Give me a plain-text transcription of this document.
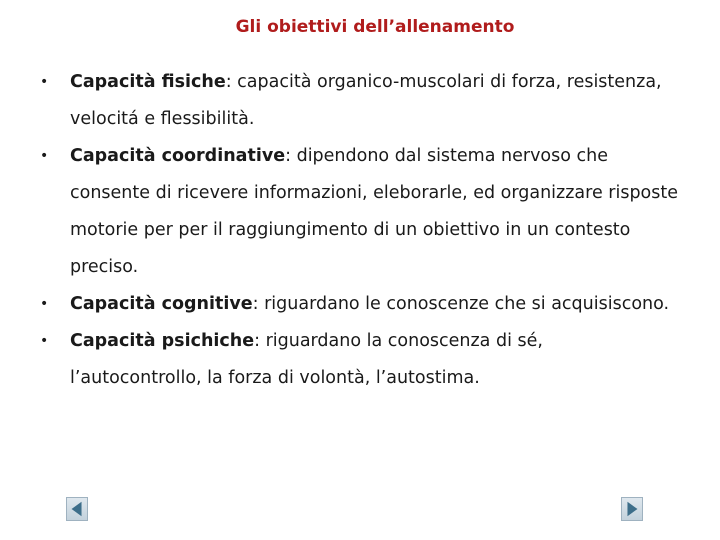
Gli obiettivi dell’allenamento
• Capacità fisiche: capacità organico-muscolari di forza, resistenza, velocitá e flessibilità.
• Capacità coordinative: dipendono dal sistema nervoso che consente di ricevere informazioni, eleborarle, ed organizzare risposte motorie per per il raggiungimento di un obiettivo in un contesto preciso.
• Capacità cognitive: riguardano le conoscenze che si acquisiscono.
• Capacità psichiche: riguardano la conoscenza di sé, l’autocontrollo, la forza di volontà, l’autostima.
